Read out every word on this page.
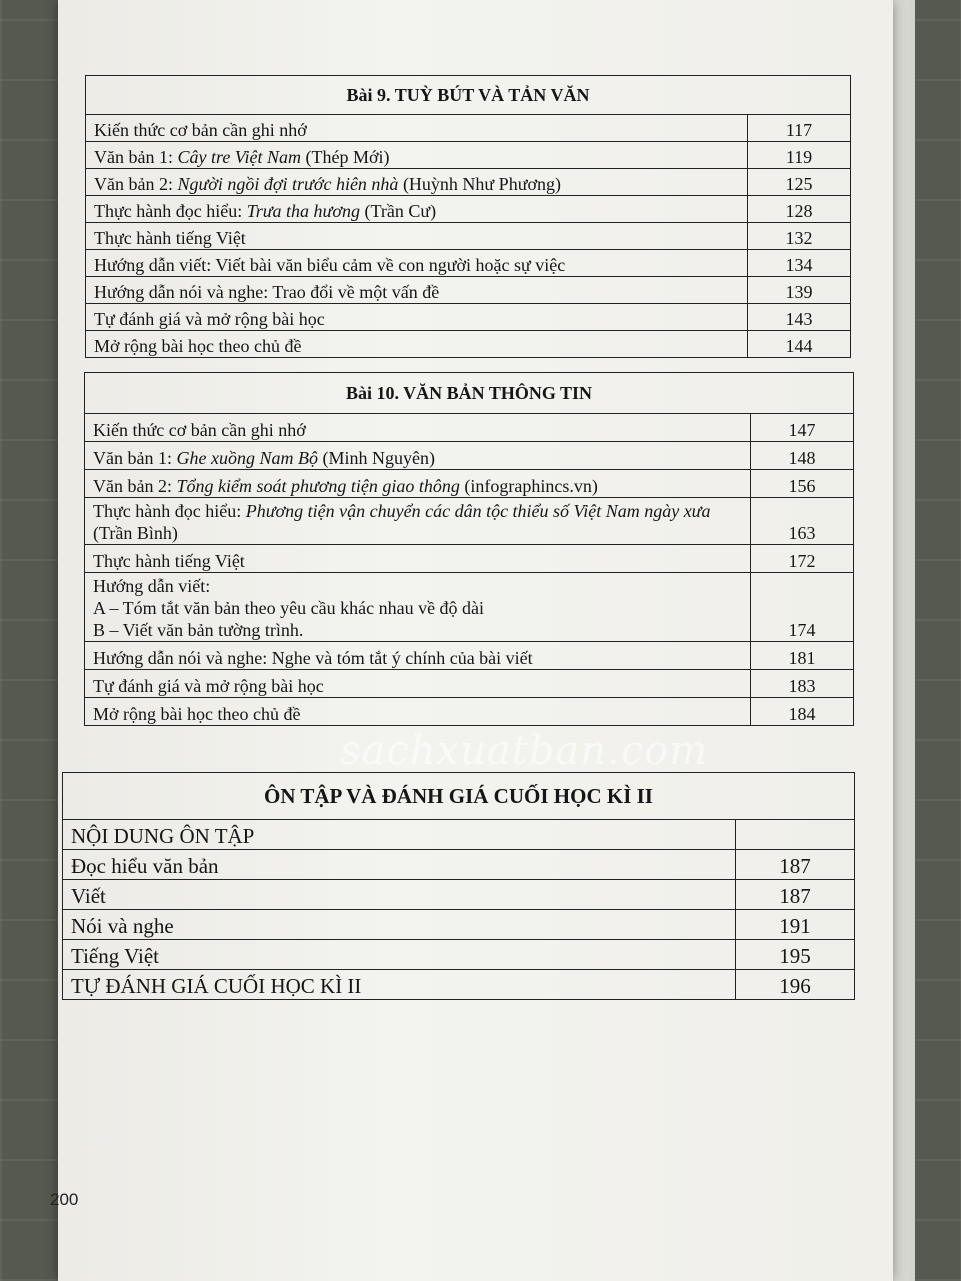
Bài 9. TUỲ BÚT VÀ TẢN VĂN	
Kiến thức cơ bản cần ghi nhớ	117
Văn bản 1: Cây tre Việt Nam (Thép Mới)	119
Văn bản 2: Người ngồi đợi trước hiên nhà (Huỳnh Như Phương)	125
Thực hành đọc hiểu: Trưa tha hương (Trần Cư)	128
Thực hành tiếng Việt	132
Hướng dẫn viết: Viết bài văn biểu cảm về con người hoặc sự việc	134
Hướng dẫn nói và nghe: Trao đổi về một vấn đề	139
Tự đánh giá và mở rộng bài học	143
Mở rộng bài học theo chủ đề	144
Bài 10. VĂN BẢN THÔNG TIN	
Kiến thức cơ bản cần ghi nhớ	147
Văn bản 1: Ghe xuồng Nam Bộ (Minh Nguyên)	148
Văn bản 2: Tổng kiểm soát phương tiện giao thông (infographincs.vn)	156
Thực hành đọc hiểu: Phương tiện vận chuyển các dân tộc thiểu số Việt Nam ngày xưa (Trần Bình)	163
Thực hành tiếng Việt	172

Hướng dẫn viết:
A – Tóm tắt văn bản theo yêu cầu khác nhau về độ dài
B – Viết văn bản tường trình.	174
Hướng dẫn nói và nghe: Nghe và tóm tắt ý chính của bài viết	181
Tự đánh giá và mở rộng bài học	183
Mở rộng bài học theo chủ đề	184
ÔN TẬP VÀ ĐÁNH GIÁ CUỐI HỌC KÌ II	
NỘI DUNG ÔN TẬP	
Đọc hiểu văn bản	187
Viết	187
Nói và nghe	191
Tiếng Việt	195
TỰ ĐÁNH GIÁ CUỐI HỌC KÌ II	196
sachxuatban.com
200
